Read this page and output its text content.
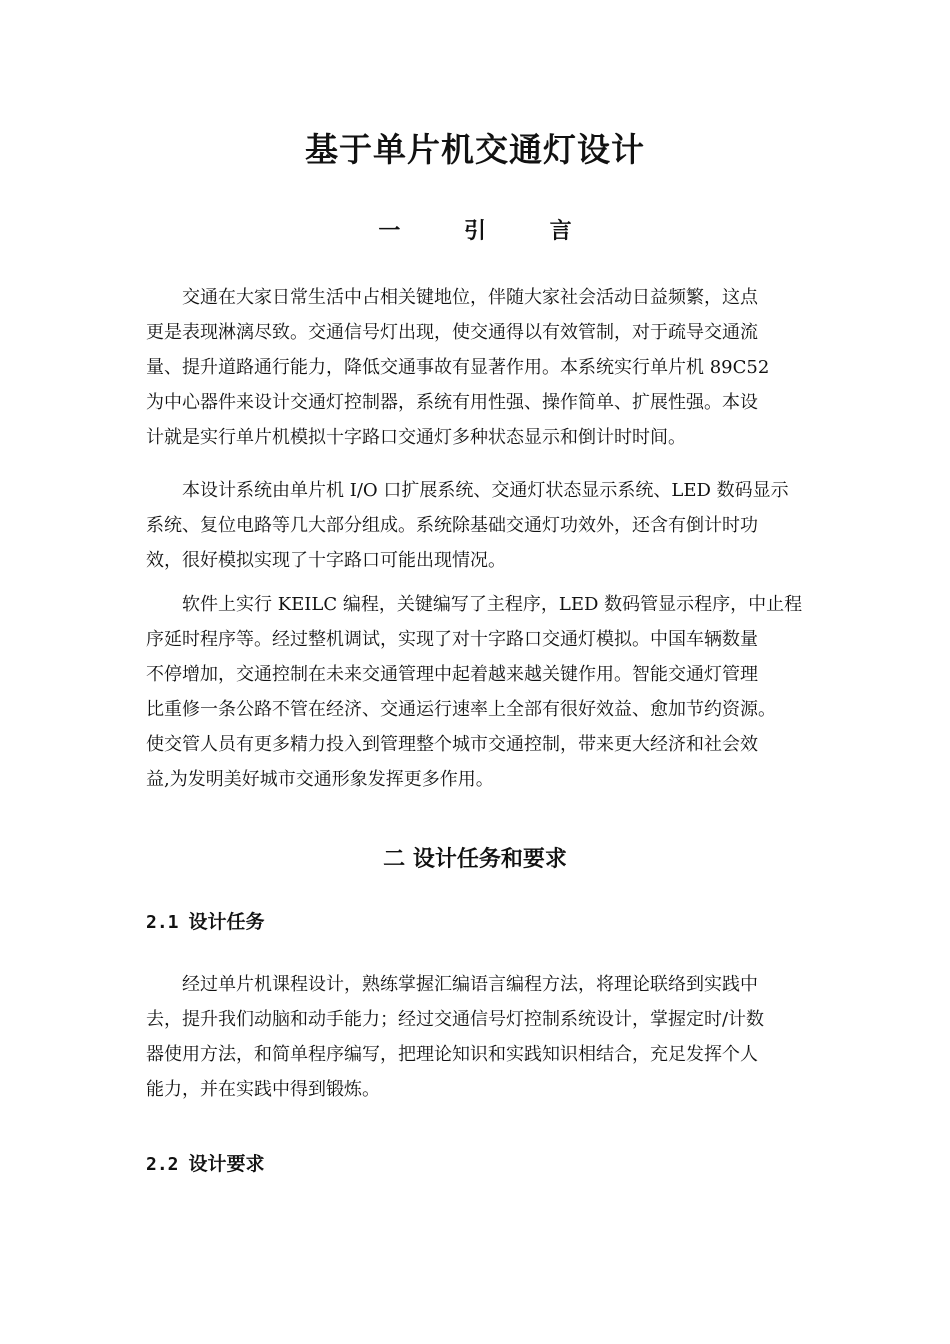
基于单片机交通灯设计
一 引 言
交通在大家日常生活中占相关键地位，伴随大家社会活动日益频繁，这点
更是表现淋漓尽致。交通信号灯出现，使交通得以有效管制，对于疏导交通流
量、提升道路通行能力，降低交通事故有显著作用。本系统实行单片机 89C52
为中心器件来设计交通灯控制器，系统有用性强、操作简单、扩展性强。本设
计就是实行单片机模拟十字路口交通灯多种状态显示和倒计时时间。
本设计系统由单片机 I/O 口扩展系统、交通灯状态显示系统、LED 数码显示
系统、复位电路等几大部分组成。系统除基础交通灯功效外，还含有倒计时功
效，很好模拟实现了十字路口可能出现情况。
软件上实行 KEILC 编程，关键编写了主程序，LED 数码管显示程序，中止程
序延时程序等。经过整机调试，实现了对十字路口交通灯模拟。中国车辆数量
不停增加，交通控制在未来交通管理中起着越来越关键作用。智能交通灯管理
比重修一条公路不管在经济、交通运行速率上全部有很好效益、愈加节约资源。
使交管人员有更多精力投入到管理整个城市交通控制，带来更大经济和社会效
益,为发明美好城市交通形象发挥更多作用。
二 设计任务和要求
2.1 设计任务
经过单片机课程设计，熟练掌握汇编语言编程方法，将理论联络到实践中
去，提升我们动脑和动手能力；经过交通信号灯控制系统设计，掌握定时/计数
器使用方法，和简单程序编写，把理论知识和实践知识相结合，充足发挥个人
能力，并在实践中得到锻炼。
2.2 设计要求
